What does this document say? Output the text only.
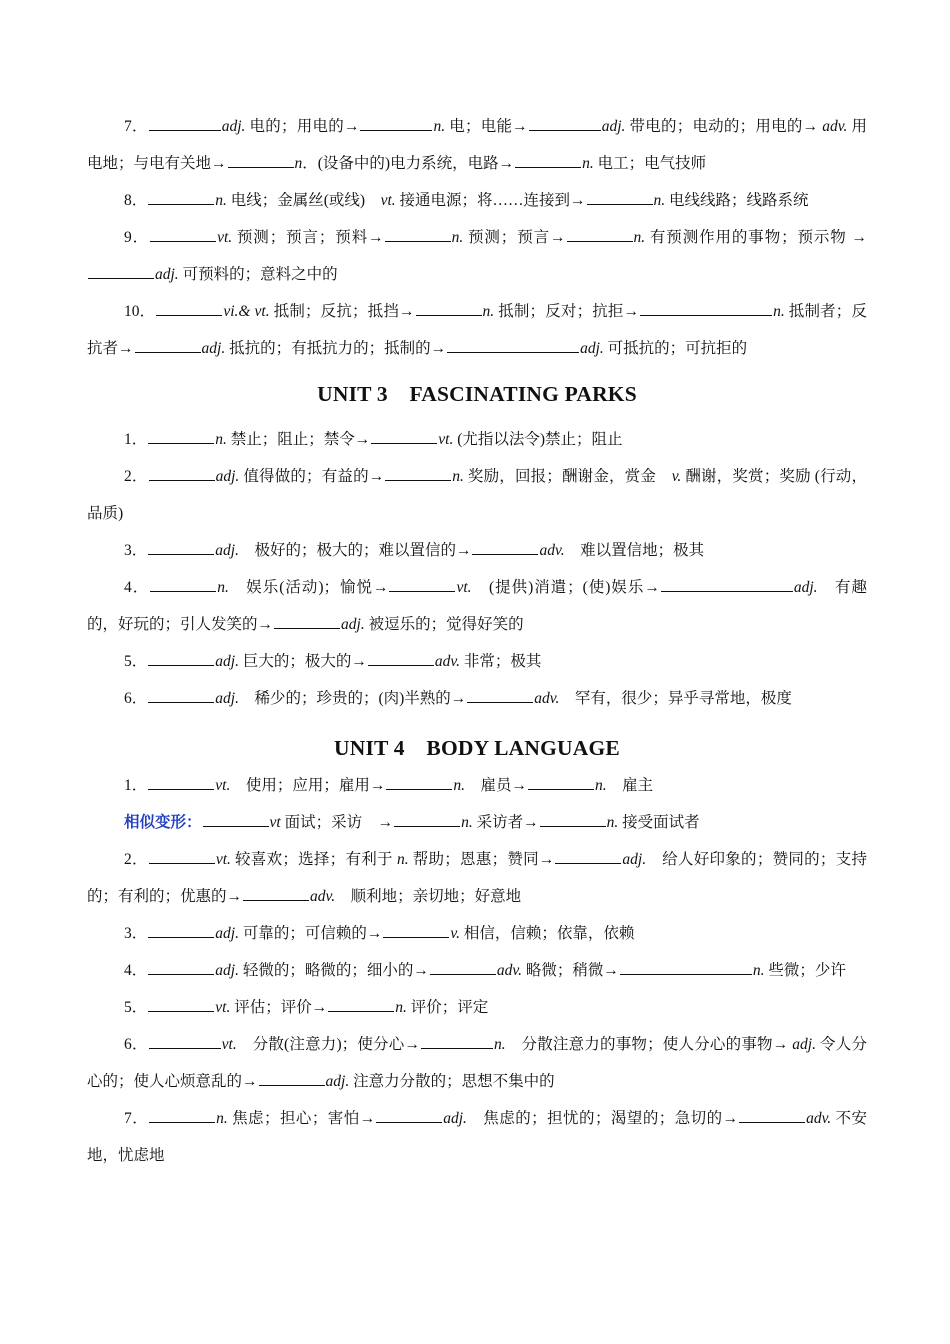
7．	adj. 电的；用电的→	n. 电；电能→	adj. 带电的；电动的；用电的→ adv. 用电地；与电有关地→	n．(设备中的)电力系统，电路→	n. 电工；电气技师

8．	n. 电线；金属丝(或线)　vt. 接通电源；将……连接到→	n. 电线线路；线路系统

9．	vt. 预测；预言；预料→	n. 预测；预言→	n. 有预测作用的事物；预示物 →adj. 可预料的；意料之中的

10．	vi.& vt. 抵制；反抗；抵挡→	n. 抵制；反对；抗拒→	n. 抵制者；反抗者→	adj. 抵抗的；有抵抗力的；抵制的→	adj. 可抵抗的；可抗拒的

UNIT 3　FASCINATING PARKS

1．	n. 禁止；阻止；禁令→	vt. (尤指以法令)禁止；阻止

2．	adj. 值得做的；有益的→	n. 奖励，回报；酬谢金，赏金　v. 酬谢，奖赏；奖励 (行动，品质)

3．	adj.　极好的；极大的；难以置信的→	adv.　难以置信地；极其

4．	n.　娱乐(活动)；愉悦→	vt.　(提供)消遣；(使)娱乐→	adj.　有趣的，好玩的；引人发笑的→	adj. 被逗乐的；觉得好笑的

5．	adj. 巨大的；极大的→	adv. 非常；极其

6．	adj.　稀少的；珍贵的；(肉)半熟的→	adv.　罕有，很少；异乎寻常地，极度

UNIT 4　BODY LANGUAGE

1．	vt.　使用；应用；雇用→	n.　雇员→	n.　雇主

相似变形：	vt 面试；采访　→	n. 采访者→	n. 接受面试者

2．	vt. 较喜欢；选择；有利于 n. 帮助；恩惠；赞同→	adj.　给人好印象的；赞同的；支持的；有利的；优惠的→	adv.　顺利地；亲切地；好意地

3．	adj. 可靠的；可信赖的→	v. 相信，信赖；依靠，依赖

4．	adj. 轻微的；略微的；细小的→	adv. 略微；稍微→	n. 些微；少许

5．	vt. 评估；评价→	n. 评价；评定

6．	vt.　分散(注意力)；使分心→	n.　分散注意力的事物；使人分心的事物→ adj. 令人分心的；使人心烦意乱的→	adj. 注意力分散的；思想不集中的

7．	n. 焦虑；担心；害怕→	adj.　焦虑的；担忧的；渴望的；急切的→	adv. 不安地，忧虑地
